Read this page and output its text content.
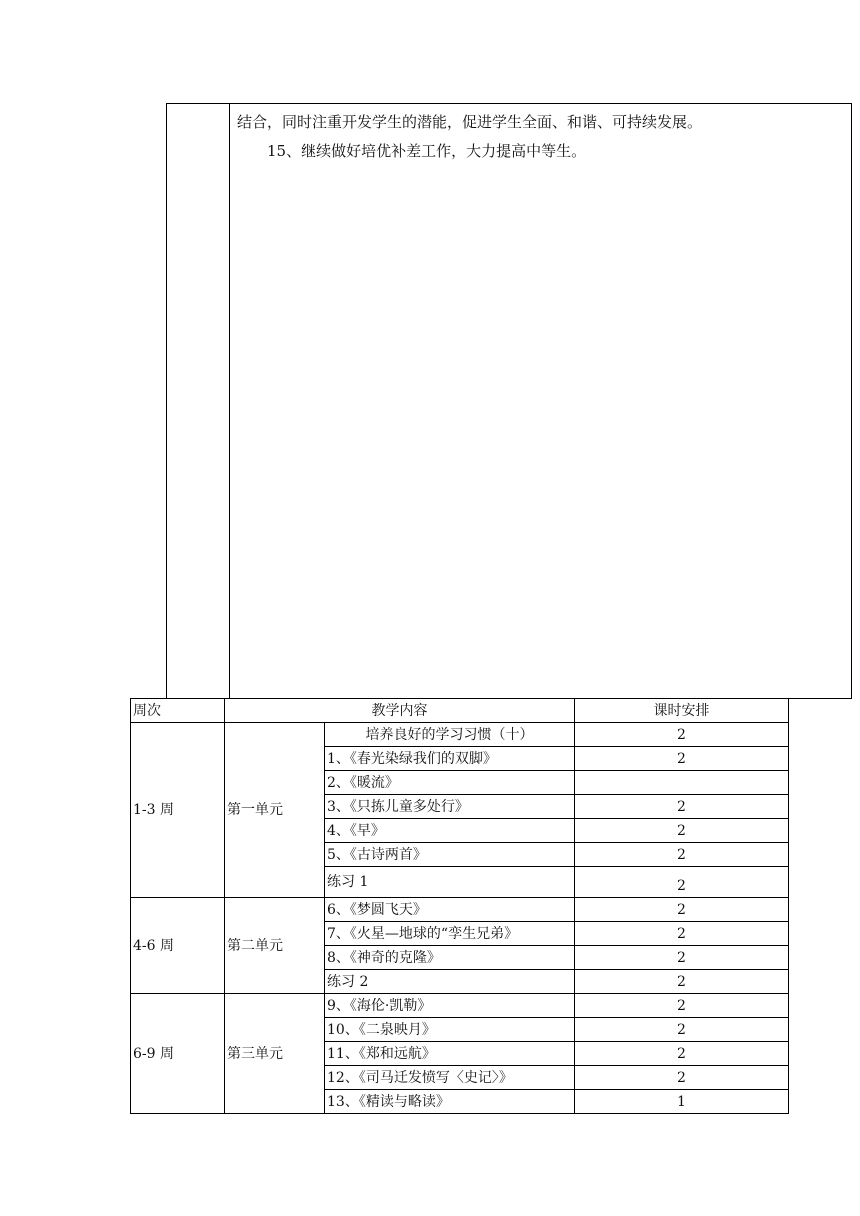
结合，同时注重开发学生的潜能，促进学生全面、和谐、可持续发展。

15、继续做好培优补差工作，大力提高中等生。

周次	教学内容		课时安排
1-3 周	第一单元	培养良好的学习习惯（十）	2
		1、《春光染绿我们的双脚》	2
		2、《暖流》	
		3、《只拣儿童多处行》	2
		4、《早》	2
		5、《古诗两首》	2
		练习 1	2
4-6 周	第二单元	6、《梦圆飞天》	2
		7、《火星—地球的“孪生兄弟》	2
		8、《神奇的克隆》	2
		练习 2	2
6-9 周	第三单元	9、《海伦·凯勒》	2
		10、《二泉映月》	2
		11、《郑和远航》	2
		12、《司马迁发愤写〈史记〉》	2
		13、《精读与略读》	1
